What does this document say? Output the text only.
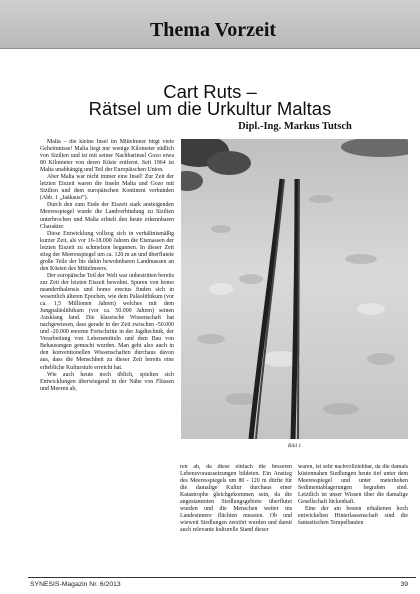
Thema Vorzeit
Cart Ruts –
Rätsel um die Urkultur Maltas
Dipl.-Ing. Markus Tutsch

Malta – die kleine Insel im Mittelmeer birgt viele Geheimnisse! Malta liegt nur wenige Kilometer südlich von Sizilien und ist mit seiner Nachbarinsel Gozo etwa 80 Kilometer von deren Küste entfernt. Seit 1964 ist Malta unabhängig und Teil der Europäischen Union.

Aber Malta war nicht immer eine Insel! Zur Zeit der letzten Eiszeit waren die Inseln Malta und Gozo mit Sizilien und dem europäischen Kontinent verbunden (Abb. 1 „Jaäkausi“).

Durch den zum Ende der Eiszeit stark ansteigenden Meeresspiegel wurde die Landverbindung zu Sizilien unterbrochen und Malta erhielt den heute erkennbaren Charakter.

Diese Entwicklung vollzog sich in verhältnismäßig kurzer Zeit, als vor 16-18.000 Jahren die Eismassen der letzten Eiszeit zu schmelzen begannen. In dieser Zeit stieg der Meeresspiegel um ca. 120 m an und überflutete große Teile der bis dahin bewohnbaren Landmassen an den Küsten des Mittelmeers.

Der europäische Teil der Welt war unbestritten bereits zur Zeit der letzten Eiszeit bewohnt. Spuren von homo neanderthalensis und homo erectus finden sich in wesentlich älteren Epochen, wie dem Paläolithikum (vor ca. 1,5 Millionen Jahren) welches mit dem Jungpaläolithikum (vor ca. 50.000 Jahren) seinen Ausklang fand. Die klassische Wissenschaft hat nachgewiesen, dass gerade in der Zeit zwischen -50.000 und -20.000 enorme Fortschritte in der Jagdtechnik, der Verarbeitung von Lebensmitteln und dem Bau von Behausungen gemacht wurden. Man geht also auch in den konventionellen Wissenschaften durchaus davon aus, dass die Menschheit zu dieser Zeit bereits eine erhebliche Kulturstufe erreicht hat.

Wie auch heute noch üblich, spielten sich Entwicklungen überwiegend in der Nähe von Flüssen und Meeren ab,

Bild 1

ren ab, da diese einfach die besseren Lebensvoraussetzungen bildeten. Ein Anstieg des Meeresspiegels um 80 - 120 m dürfte für die damalige Kultur durchaus einer Katastrophe gleichgekommen sein, da die angestammten Siedlungsgebiete überflutet wurden und die Menschen weiter ins Landesinnere flüchten mussten. Ob und wieweit Siedlungen zerstört wurden und damit auch relevante kulturelle Stand dieser

waren, ist sehr nachvollziehbar, da die damals küstennahen Siedlungen heute tief unter dem Meeresspiegel und unter meterhohen Sedimentablagerungen begraben sind. Letztlich ist unser Wissen über die damalige Gesellschaft lückenhaft.

Eine der am besten erhaltenen hoch entwickelten Hinterlassenschaft sind die fantastischen Tempelbauten

SYNESIS-Magazin Nr. 6/2013	39
